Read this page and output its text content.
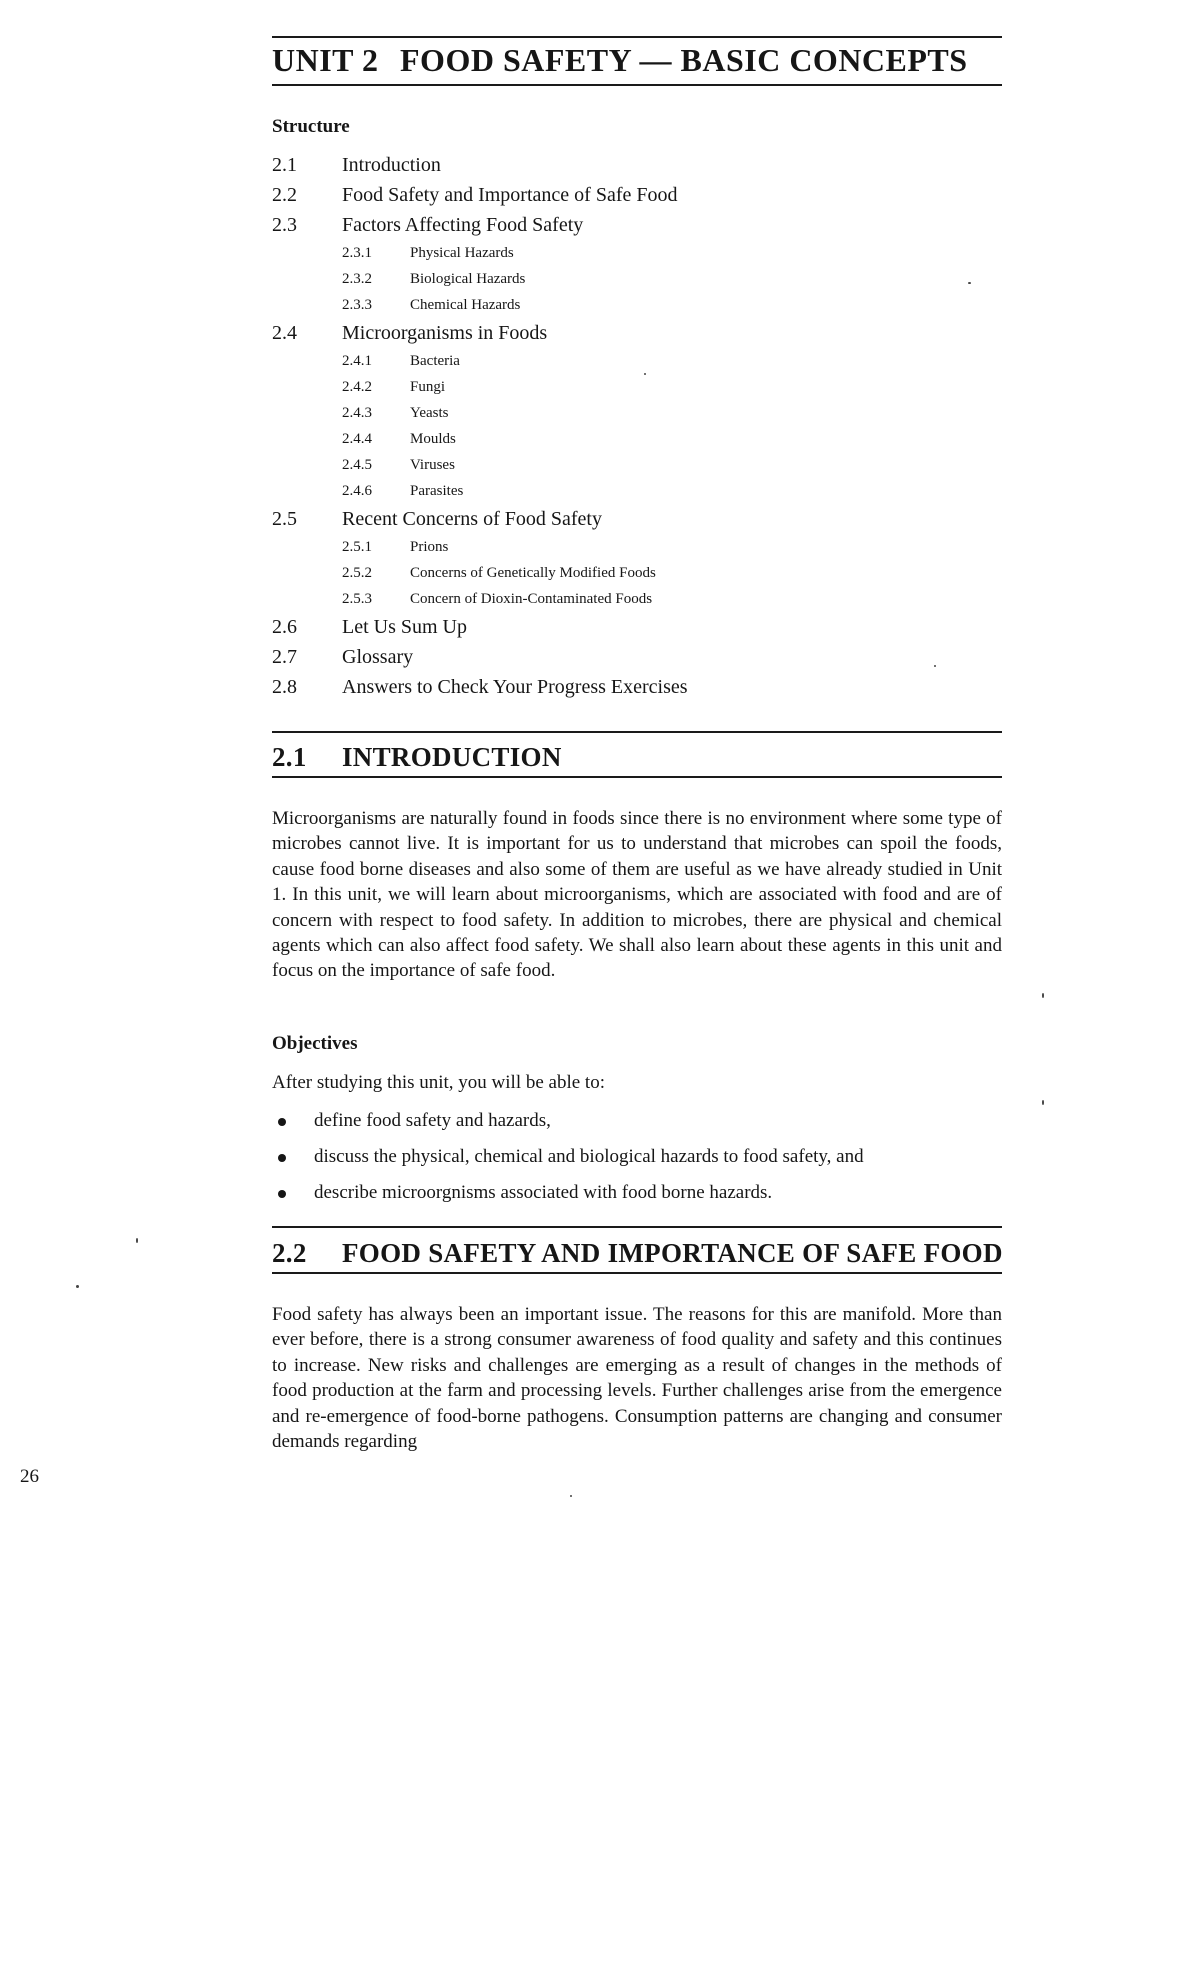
UNIT 2 FOOD SAFETY — BASIC CONCEPTS
Structure
2.1	Introduction
2.2	Food Safety and Importance of Safe Food
2.3	Factors Affecting Food Safety
2.3.1	Physical Hazards
2.3.2	Biological Hazards
2.3.3	Chemical Hazards
2.4	Microorganisms in Foods
2.4.1	Bacteria
2.4.2	Fungi
2.4.3	Yeasts
2.4.4	Moulds
2.4.5	Viruses
2.4.6	Parasites
2.5	Recent Concerns of Food Safety
2.5.1	Prions
2.5.2	Concerns of Genetically Modified Foods
2.5.3	Concern of Dioxin-Contaminated Foods
2.6	Let Us Sum Up
2.7	Glossary
2.8	Answers to Check Your Progress Exercises
2.1 INTRODUCTION
Microorganisms are naturally found in foods since there is no environment where some type of microbes cannot live. It is important for us to understand that microbes can spoil the foods, cause food borne diseases and also some of them are useful as we have already studied in Unit 1. In this unit, we will learn about microorganisms, which are associated with food and are of concern with respect to food safety. In addition to microbes, there are physical and chemical agents which can also affect food safety. We shall also learn about these agents in this unit and focus on the importance of safe food.
Objectives
After studying this unit, you will be able to:
define food safety and hazards,
discuss the physical, chemical and biological hazards to food safety, and
describe microorgnisms associated with food borne hazards.
2.2 FOOD SAFETY AND IMPORTANCE OF SAFE FOOD
Food safety has always been an important issue. The reasons for this are manifold. More than ever before, there is a strong consumer awareness of food quality and safety and this continues to increase. New risks and challenges are emerging as a result of changes in the methods of food production at the farm and processing levels. Further challenges arise from the emergence and re-emergence of food-borne pathogens. Consumption patterns are changing and consumer demands regarding
26
